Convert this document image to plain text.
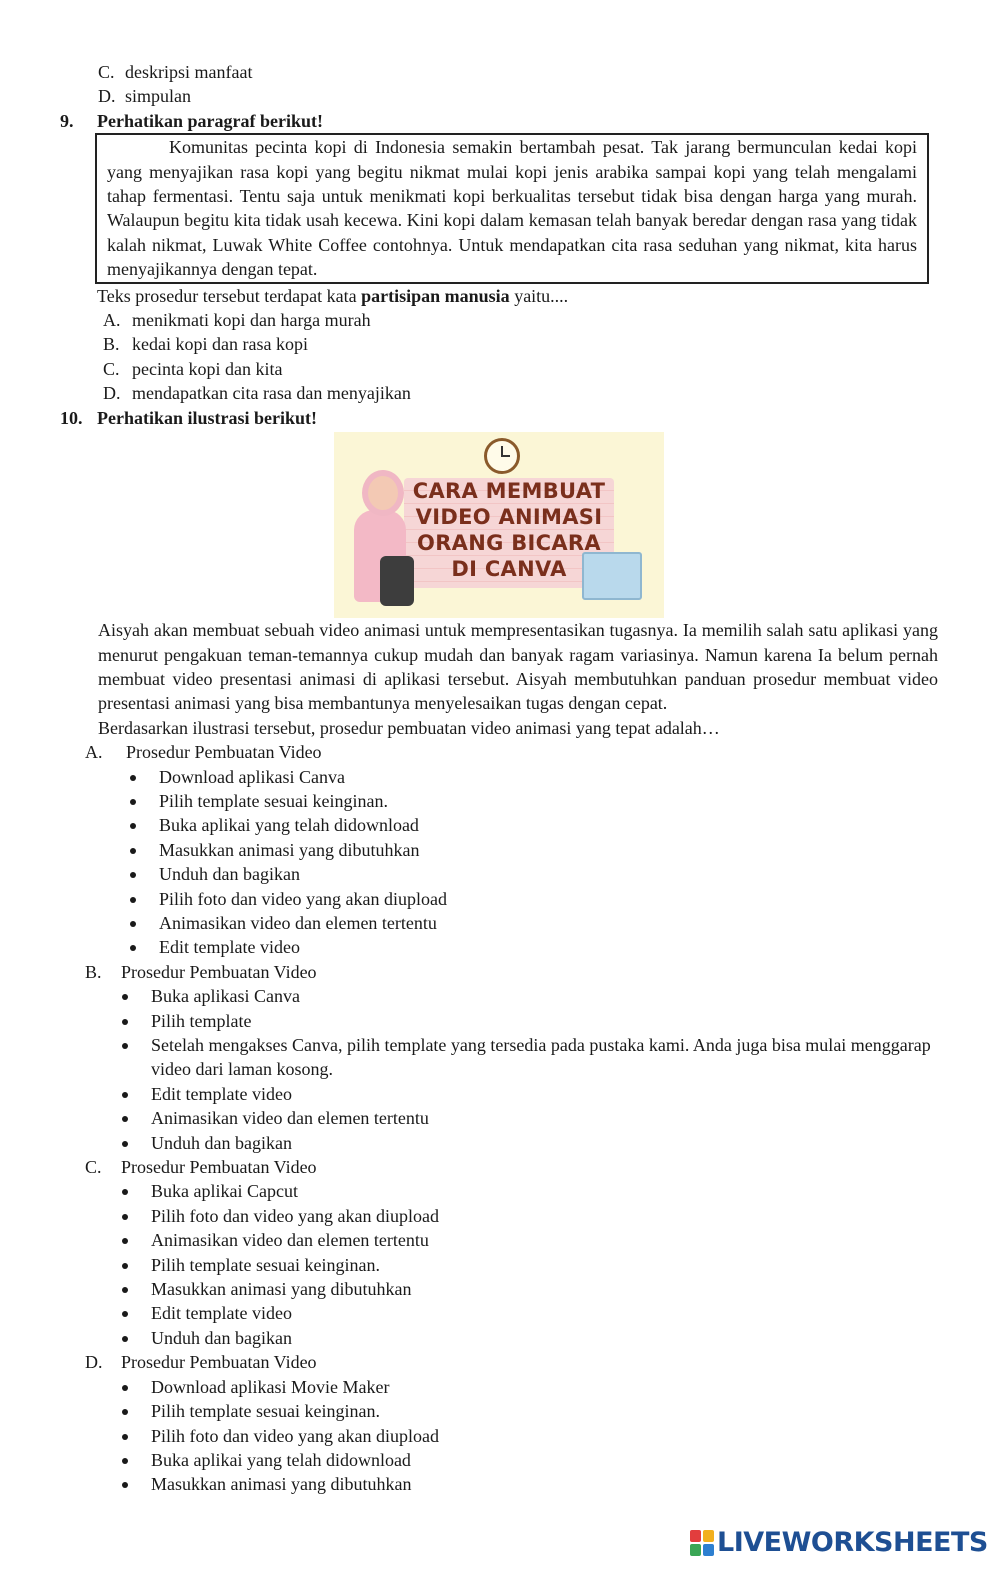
C. deskripsi manfaat
D. simpulan
9. Perhatikan paragraf berikut!

Komunitas pecinta kopi di Indonesia semakin bertambah pesat. Tak jarang bermunculan kedai kopi yang menyajikan rasa kopi yang begitu nikmat mulai kopi jenis arabika sampai kopi yang telah mengalami tahap fermentasi. Tentu saja untuk menikmati kopi berkualitas tersebut tidak bisa dengan harga yang murah. Walaupun begitu kita tidak usah kecewa. Kini kopi dalam kemasan telah banyak beredar dengan rasa yang tidak kalah nikmat, Luwak White Coffee contohnya. Untuk mendapatkan cita rasa seduhan yang nikmat, kita harus menyajikannya dengan tepat.

Teks prosedur tersebut terdapat kata partisipan manusia yaitu....
A. menikmati kopi dan harga murah
B. kedai kopi dan rasa kopi
C. pecinta kopi dan kita
D. mendapatkan cita rasa dan menyajikan
10. Perhatikan ilustrasi berikut!
CARA MEMBUAT
VIDEO ANIMASI
ORANG BICARA
DI CANVA

Aisyah akan membuat sebuah video animasi untuk mempresentasikan tugasnya. Ia memilih salah satu aplikasi yang menurut pengakuan teman-temannya cukup mudah dan banyak ragam variasinya. Namun karena Ia belum pernah membuat video presentasi animasi di aplikasi tersebut. Aisyah membutuhkan panduan prosedur membuat video presentasi animasi yang bisa membantunya menyelesaikan tugas dengan cepat.

Berdasarkan ilustrasi tersebut, prosedur pembuatan video animasi yang tepat adalah…

A. Prosedur Pembuatan Video
Download aplikasi Canva
Pilih template sesuai keinginan.
Buka aplikai yang telah didownload
Masukkan animasi yang dibutuhkan
Unduh dan bagikan
Pilih foto dan video yang akan diupload
Animasikan video dan elemen tertentu
Edit template video
B. Prosedur Pembuatan Video
Buka aplikasi Canva
Pilih template
Setelah mengakses Canva, pilih template yang tersedia pada pustaka kami. Anda juga bisa mulai menggarap video dari laman kosong.
Edit template video
Animasikan video dan elemen tertentu
Unduh dan bagikan
C. Prosedur Pembuatan Video
Buka aplikai Capcut
Pilih foto dan video yang akan diupload
Animasikan video dan elemen tertentu
Pilih template sesuai keinginan.
Masukkan animasi yang dibutuhkan
Edit template video
Unduh dan bagikan
D. Prosedur Pembuatan Video
Download aplikasi Movie Maker
Pilih template sesuai keinginan.
Pilih foto dan video yang akan diupload
Buka aplikai yang telah didownload
Masukkan animasi yang dibutuhkan
LIVEWORKSHEETS
